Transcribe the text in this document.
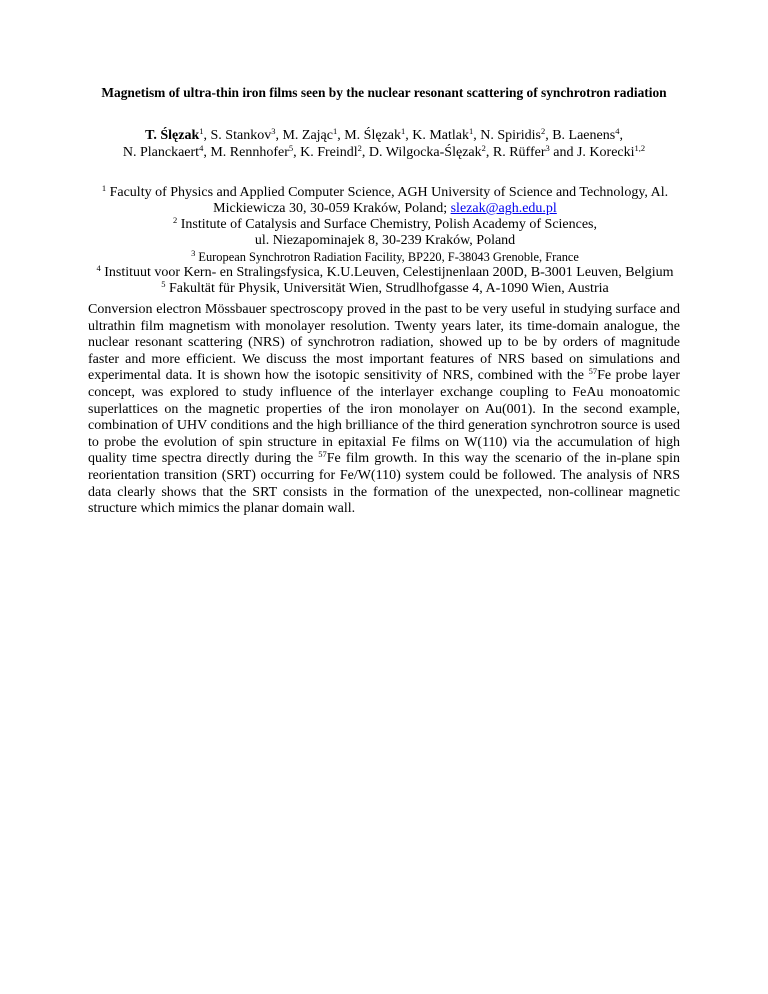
Magnetism of ultra-thin iron films seen by the nuclear resonant scattering of synchrotron radiation
T. Ślęzak$^1$, S. Stankov$^3$, M. Zając$^1$, M. Ślęzak$^1$, K. Matlak$^1$, N. Spiridis$^2$, B. Laenens$^4$,
N. Planckaert$^4$, M. Rennhofer$^5$, K. Freindl$^2$, D. Wilgocka-Ślęzak$^2$, R. Rüffer$^3$ and J. Korecki$^{1,2}$
$^1$ Faculty of Physics and Applied Computer Science, AGH University of Science and Technology, Al.
Mickiewicza 30, 30-059 Kraków, Poland; slezak@agh.edu.pl
$^2$ Institute of Catalysis and Surface Chemistry, Polish Academy of Sciences,
ul. Niezapominajek 8, 30-239 Kraków, Poland
$^3$ European Synchrotron Radiation Facility, BP220, F-38043 Grenoble, France
$^4$ Instituut voor Kern- en Stralingsfysica, K.U.Leuven, Celestijnenlaan 200D, B-3001 Leuven, Belgium
$^5$ Fakultät für Physik, Universität Wien, Strudlhofgasse 4, A-1090 Wien, Austria
Conversion electron Mössbauer spectroscopy proved in the past to be very useful in studying surface and ultrathin film magnetism with monolayer resolution. Twenty years later, its time-domain analogue, the nuclear resonant scattering (NRS) of synchrotron radiation, showed up to be by orders of magnitude faster and more efficient. We discuss the most important features of NRS based on simulations and experimental data. It is shown how the isotopic sensitivity of NRS, combined with the $^{57}$Fe probe layer concept, was explored to study influence of the interlayer exchange coupling to FeAu monoatomic superlattices on the magnetic properties of the iron monolayer on Au(001). In the second example, combination of UHV conditions and the high brilliance of the third generation synchrotron source is used to probe the evolution of spin structure in epitaxial Fe films on W(110) via the accumulation of high quality time spectra directly during the $^{57}$Fe film growth. In this way the scenario of the in-plane spin reorientation transition (SRT) occurring for Fe/W(110) system could be followed. The analysis of NRS data clearly shows that the SRT consists in the formation of the unexpected, non-collinear magnetic structure which mimics the planar domain wall.
